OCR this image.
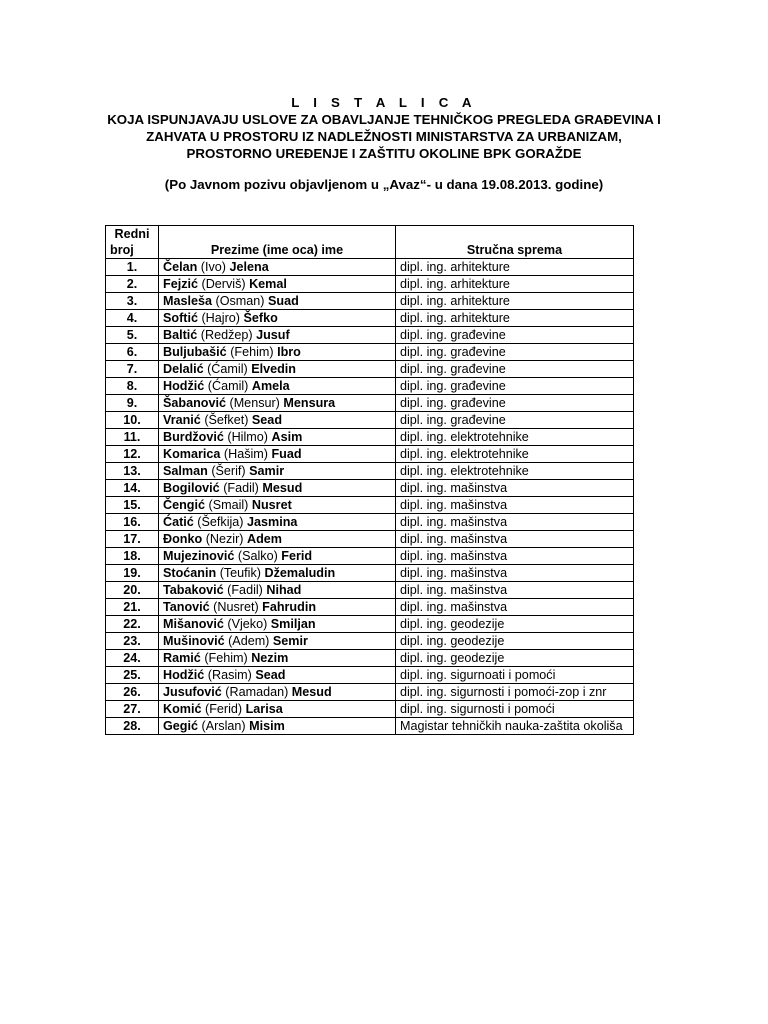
L I S T A L I C A
KOJA ISPUNJAVAJU USLOVE ZA OBAVLJANJE TEHNIČKOG PREGLEDA GRAĐEVINA I
ZAHVATA U PROSTORU IZ NADLEŽNOSTI MINISTARSTVA ZA URBANIZAM,
PROSTORNO UREĐENJE I ZAŠTITU OKOLINE BPK GORAŽDE
(Po Javnom pozivu objavljenom u „Avaz“- u dana 19.08.2013. godine)
Redni
broj	Prezime (ime oca) ime	Stručna sprema
1.	Čelan (Ivo) Jelena	dipl. ing. arhitekture
2.	Fejzić (Derviš) Kemal	dipl. ing. arhitekture
3.	Masleša (Osman) Suad	dipl. ing. arhitekture
4.	Softić (Hajro) Šefko	dipl. ing. arhitekture
5.	Baltić (Redžep) Jusuf	dipl. ing. građevine
6.	Buljubašić (Fehim) Ibro	dipl. ing. građevine
7.	Delalić (Ćamil) Elvedin	dipl. ing. građevine
8.	Hodžić (Ćamil) Amela	dipl. ing. građevine
9.	Šabanović (Mensur) Mensura	dipl. ing. građevine
10.	Vranić (Šefket) Sead	dipl. ing. građevine
11.	Burdžović (Hilmo) Asim	dipl. ing. elektrotehnike
12.	Komarica (Hašim) Fuad	dipl. ing. elektrotehnike
13.	Salman (Šerif) Samir	dipl. ing. elektrotehnike
14.	Bogilović (Fadil) Mesud	dipl. ing. mašinstva
15.	Čengić (Smail) Nusret	dipl. ing. mašinstva
16.	Ćatić (Šefkija) Jasmina	dipl. ing. mašinstva
17.	Đonko (Nezir) Adem	dipl. ing. mašinstva
18.	Mujezinović (Salko) Ferid	dipl. ing. mašinstva
19.	Stoćanin (Teufik) Džemaludin	dipl. ing. mašinstva
20.	Tabaković (Fadil) Nihad	dipl. ing. mašinstva
21.	Tanović (Nusret) Fahrudin	dipl. ing. mašinstva
22.	Mišanović (Vjeko) Smiljan	dipl. ing. geodezije
23.	Mušinović (Adem) Semir	dipl. ing. geodezije
24.	Ramić (Fehim) Nezim	dipl. ing. geodezije
25.	Hodžić (Rasim) Sead	dipl. ing. sigurnoati i pomoći
26.	Jusufović (Ramadan) Mesud	dipl. ing. sigurnosti i pomoći-zop i znr
27.	Komić (Ferid) Larisa	dipl. ing. sigurnosti i pomoći
28.	Gegić (Arslan) Misim	Magistar tehničkih nauka-zaštita okoliša
